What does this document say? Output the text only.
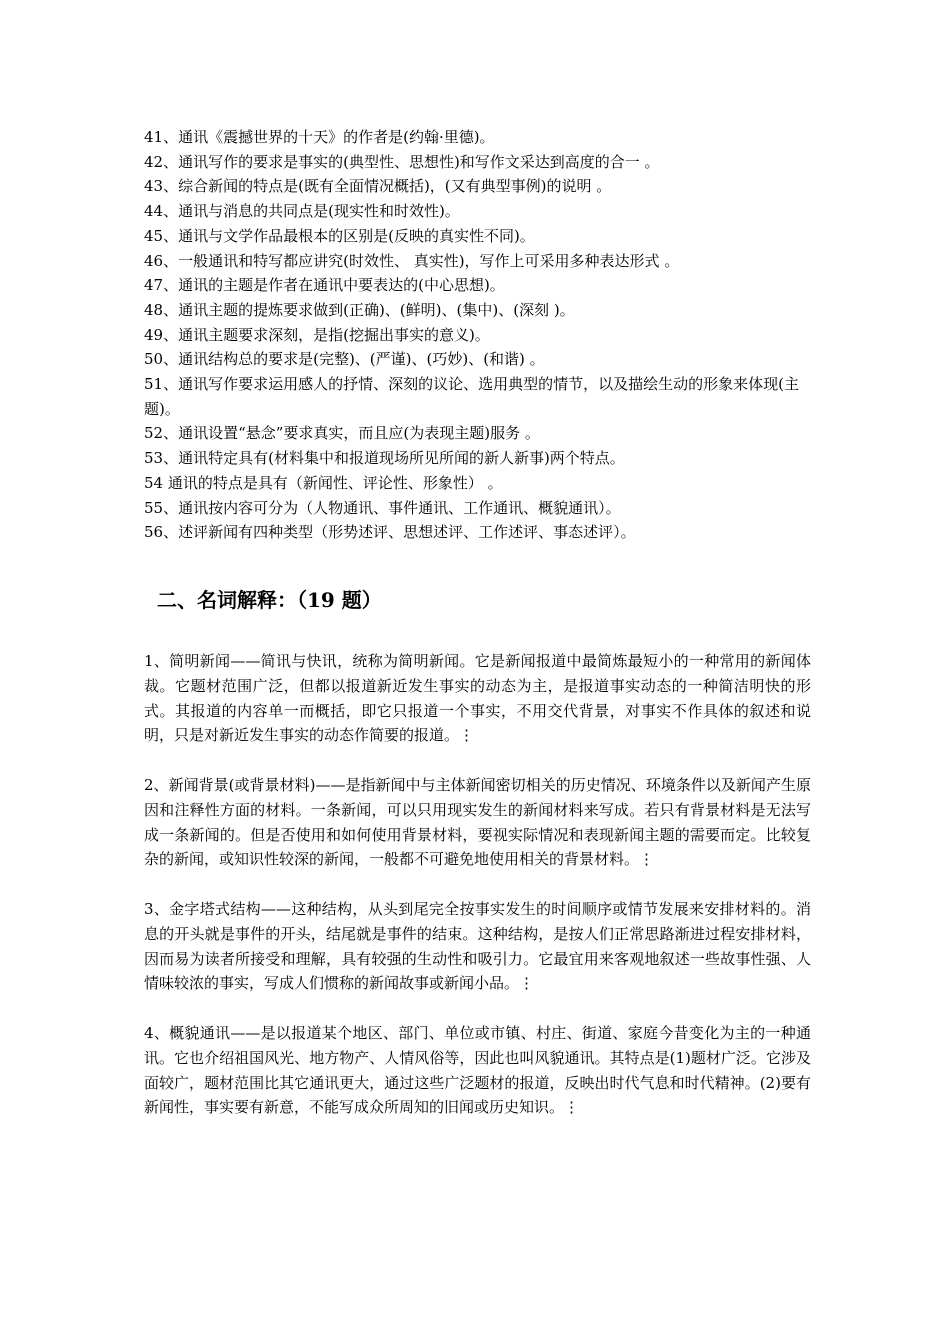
41、通讯《震撼世界的十天》的作者是(约翰·里德)。

42、通讯写作的要求是事实的(典型性、思想性)和写作文采达到高度的合一 。

43、综合新闻的特点是(既有全面情况概括)，(又有典型事例)的说明 。

44、通讯与消息的共同点是(现实性和时效性)。

45、通讯与文学作品最根本的区别是(反映的真实性不同)。

46、一般通讯和特写都应讲究(时效性、 真实性)，写作上可采用多种表达形式 。

47、通讯的主题是作者在通讯中要表达的(中心思想)。

48、通讯主题的提炼要求做到(正确)、(鲜明)、(集中)、(深刻 )。

49、通讯主题要求深刻，是指(挖掘出事实的意义)。

50、通讯结构总的要求是(完整)、(严谨)、(巧妙)、(和谐) 。

51、通讯写作要求运用感人的抒情、深刻的议论、选用典型的情节，以及描绘生动的形象来体现(主题)。

52、通讯设置“悬念”要求真实，而且应(为表现主题)服务 。

53、通讯特定具有(材料集中和报道现场所见所闻的新人新事)两个特点。

54 通讯的特点是具有（新闻性、评论性、形象性） 。

55、通讯按内容可分为（人物通讯、事件通讯、工作通讯、概貌通讯）。

56、述评新闻有四种类型（形势述评、思想述评、工作述评、事态述评）。

二、名词解释：（19 题）

1、简明新闻——简讯与快讯，统称为简明新闻。它是新闻报道中最简炼最短小的一种常用的新闻体裁。它题材范围广泛，但都以报道新近发生事实的动态为主，是报道事实动态的一种简洁明快的形式。其报道的内容单一而概括，即它只报道一个事实，不用交代背景，对事实不作具体的叙述和说明，只是对新近发生事实的动态作简要的报道。⋮

2、新闻背景(或背景材料)——是指新闻中与主体新闻密切相关的历史情况、环境条件以及新闻产生原因和注释性方面的材料。一条新闻，可以只用现实发生的新闻材料来写成。若只有背景材料是无法写成一条新闻的。但是否使用和如何使用背景材料，要视实际情况和表现新闻主题的需要而定。比较复杂的新闻，或知识性较深的新闻，一般都不可避免地使用相关的背景材料。⋮

3、金字塔式结构——这种结构，从头到尾完全按事实发生的时间顺序或情节发展来安排材料的。消息的开头就是事件的开头，结尾就是事件的结束。这种结构，是按人们正常思路渐进过程安排材料，因而易为读者所接受和理解，具有较强的生动性和吸引力。它最宜用来客观地叙述一些故事性强、人情味较浓的事实，写成人们惯称的新闻故事或新闻小品。⋮

4、概貌通讯——是以报道某个地区、部门、单位或市镇、村庄、街道、家庭今昔变化为主的一种通讯。它也介绍祖国风光、地方物产、人情风俗等，因此也叫风貌通讯。其特点是(1)题材广泛。它涉及面较广，题材范围比其它通讯更大，通过这些广泛题材的报道，反映出时代气息和时代精神。(2)要有新闻性，事实要有新意，不能写成众所周知的旧闻或历史知识。⋮
